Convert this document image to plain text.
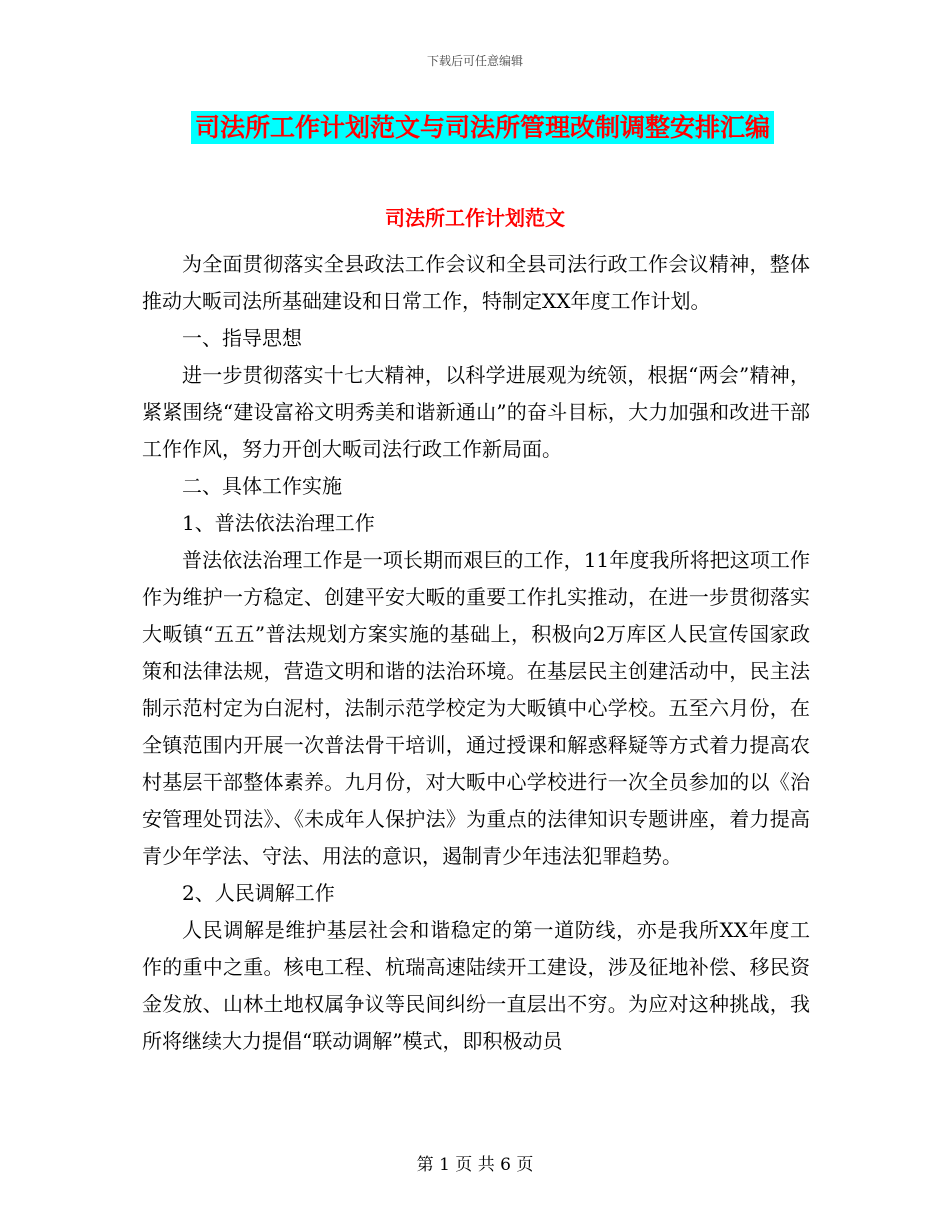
下载后可任意编辑
司法所工作计划范文与司法所管理改制调整安排汇编
司法所工作计划范文

为全面贯彻落实全县政法工作会议和全县司法行政工作会议精神，整体推动大畈司法所基础建设和日常工作，特制定XX年度工作计划。

一、指导思想

进一步贯彻落实十七大精神，以科学进展观为统领，根据“两会”精神，紧紧围绕“建设富裕文明秀美和谐新通山”的奋斗目标，大力加强和改进干部工作作风，努力开创大畈司法行政工作新局面。

二、具体工作实施

1、普法依法治理工作

普法依法治理工作是一项长期而艰巨的工作，11年度我所将把这项工作作为维护一方稳定、创建平安大畈的重要工作扎实推动，在进一步贯彻落实大畈镇“五五”普法规划方案实施的基础上，积极向2万库区人民宣传国家政策和法律法规，营造文明和谐的法治环境。在基层民主创建活动中，民主法制示范村定为白泥村，法制示范学校定为大畈镇中心学校。五至六月份，在全镇范围内开展一次普法骨干培训，通过授课和解惑释疑等方式着力提高农村基层干部整体素养。九月份，对大畈中心学校进行一次全员参加的以《治安管理处罚法》、《未成年人保护法》为重点的法律知识专题讲座，着力提高青少年学法、守法、用法的意识，遏制青少年违法犯罪趋势。

2、人民调解工作

人民调解是维护基层社会和谐稳定的第一道防线，亦是我所XX年度工作的重中之重。核电工程、杭瑞高速陆续开工建设，涉及征地补偿、移民资金发放、山林土地权属争议等民间纠纷一直层出不穷。为应对这种挑战，我所将继续大力提倡“联动调解”模式，即积极动员

第 1 页 共 6 页
